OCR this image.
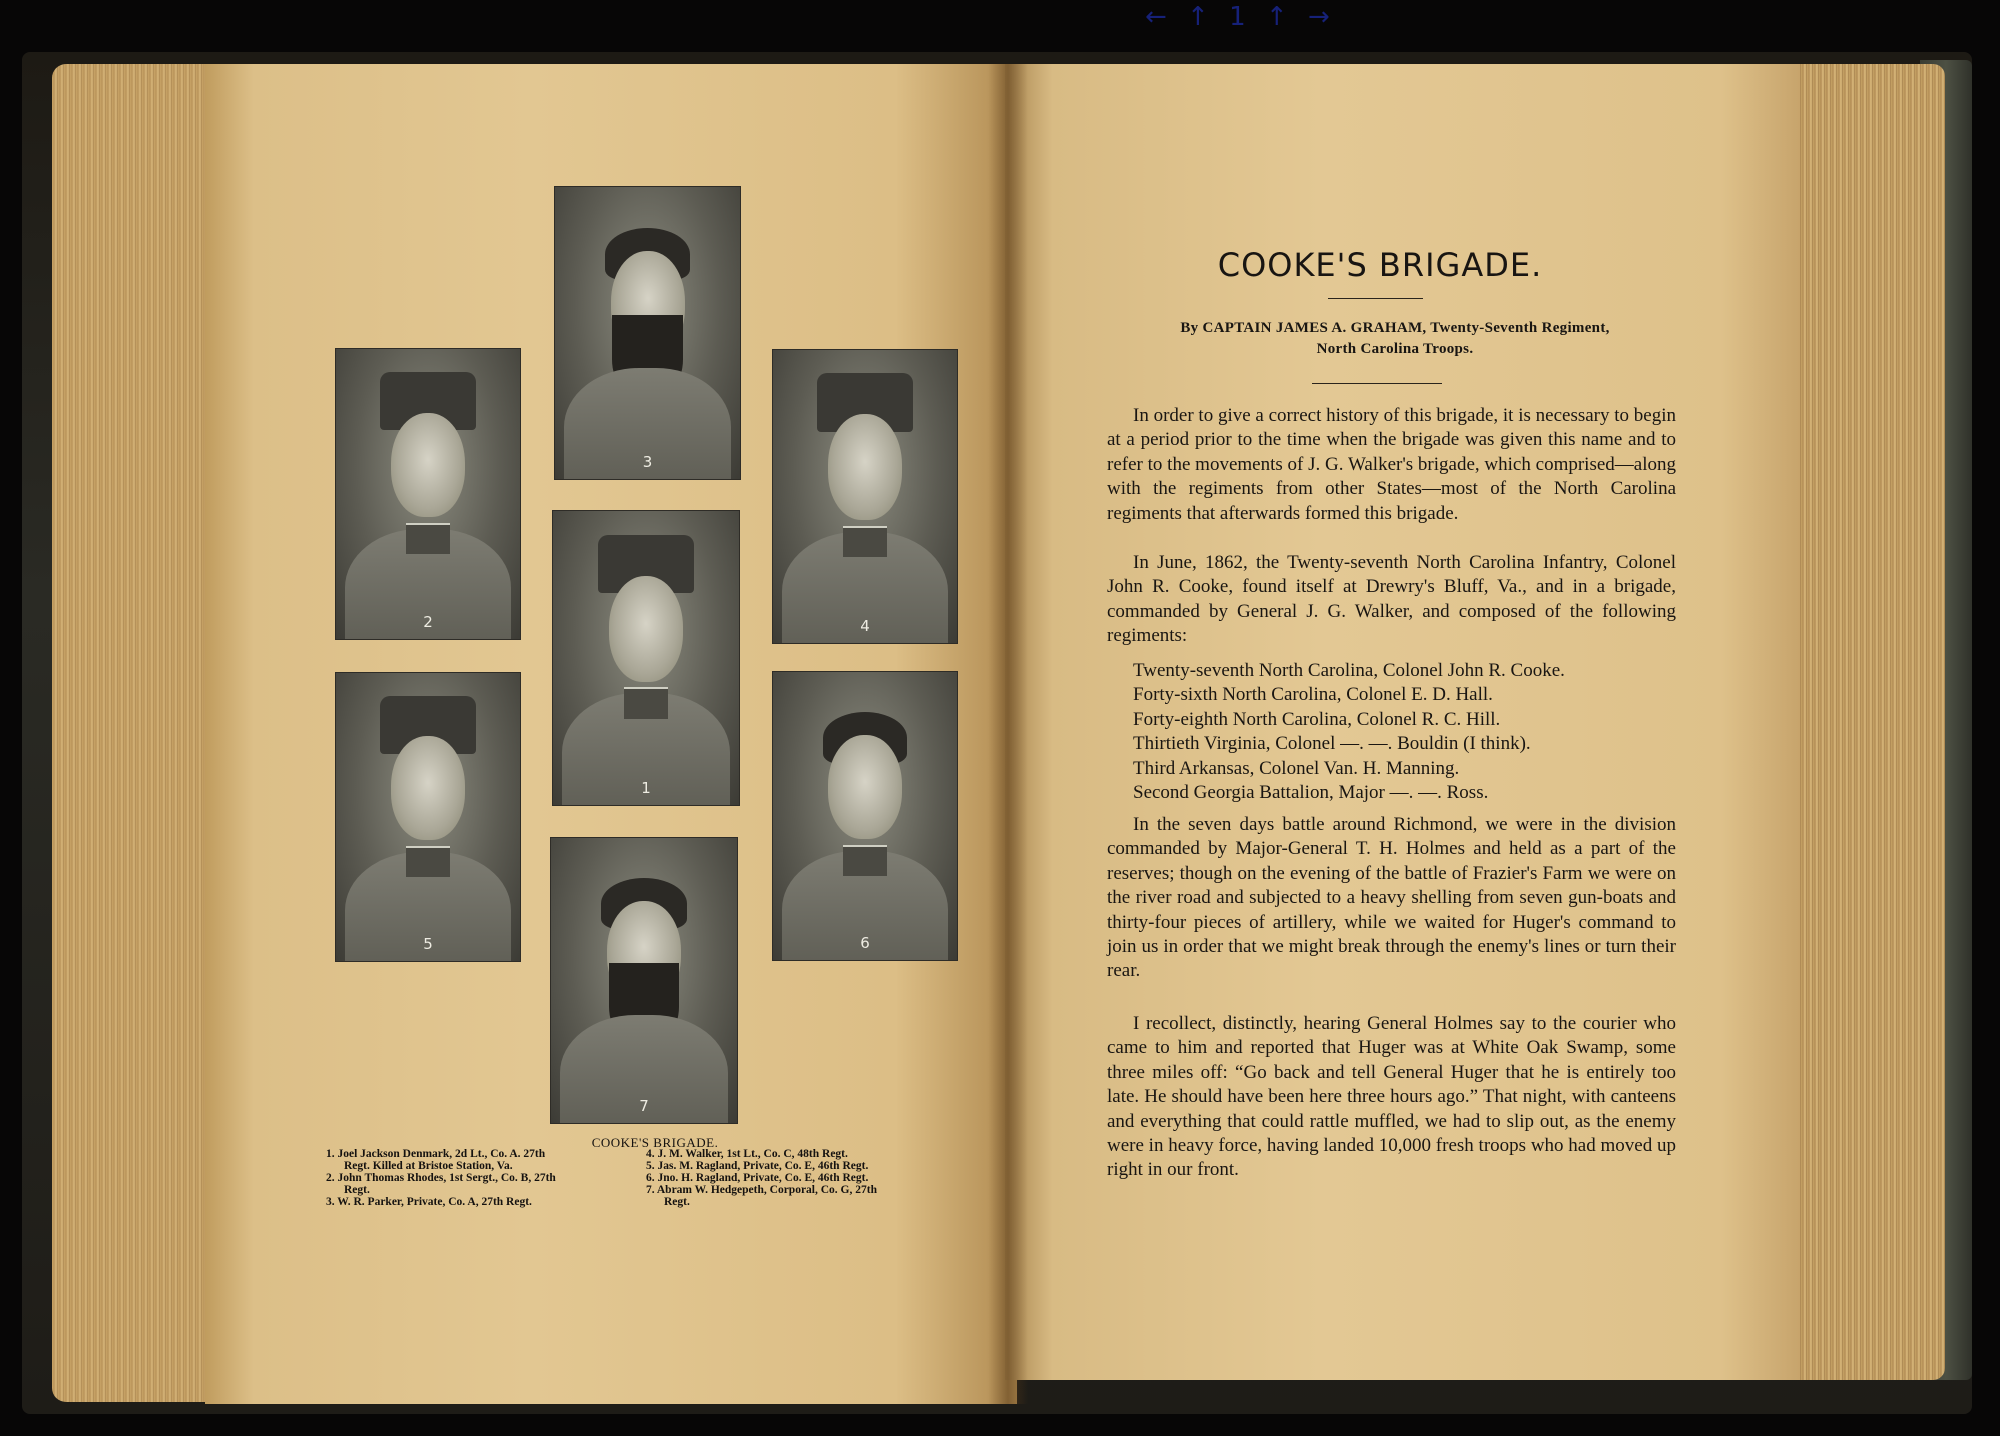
← ↑ 1 ↑ →
3
2	4
1
5	6
7
COOKE'S BRIGADE.
1. Joel Jackson Denmark, 2d Lt., Co. A. 27th
Regt. Killed at Bristoe Station, Va.
2. John Thomas Rhodes, 1st Sergt., Co. B, 27th
Regt.
3. W. R. Parker, Private, Co. A, 27th Regt.
4. J. M. Walker, 1st Lt., Co. C, 48th Regt.
5. Jas. M. Ragland, Private, Co. E, 46th Regt.
6. Jno. H. Ragland, Private, Co. E, 46th Regt.
7. Abram W. Hedgepeth, Corporal, Co. G, 27th
Regt.
COOKE'S BRIGADE.
By CAPTAIN JAMES A. GRAHAM, Twenty-Seventh Regiment,
North Carolina Troops.

In order to give a correct history of this brigade, it is necessary to begin at a period prior to the time when the brigade was given this name and to refer to the movements of J. G. Walker's brigade, which comprised—along with the regiments from other States—most of the North Carolina regiments that afterwards formed this brigade.

In June, 1862, the Twenty-seventh North Carolina Infantry, Colonel John R. Cooke, found itself at Drewry's Bluff, Va., and in a brigade, commanded by General J. G. Walker, and composed of the following regiments:

Twenty-seventh North Carolina, Colonel John R. Cooke.
Forty-sixth North Carolina, Colonel E. D. Hall.
Forty-eighth North Carolina, Colonel R. C. Hill.
Thirtieth Virginia, Colonel —. —. Bouldin (I think).
Third Arkansas, Colonel Van. H. Manning.
Second Georgia Battalion, Major —. —. Ross.

In the seven days battle around Richmond, we were in the division commanded by Major-General T. H. Holmes and held as a part of the reserves; though on the evening of the battle of Frazier's Farm we were on the river road and subjected to a heavy shelling from seven gun-boats and thirty-four pieces of artillery, while we waited for Huger's command to join us in order that we might break through the enemy's lines or turn their rear.

I recollect, distinctly, hearing General Holmes say to the courier who came to him and reported that Huger was at White Oak Swamp, some three miles off: “Go back and tell General Huger that he is entirely too late. He should have been here three hours ago.” That night, with canteens and everything that could rattle muffled, we had to slip out, as the enemy were in heavy force, having landed 10,000 fresh troops who had moved up right in our front.
